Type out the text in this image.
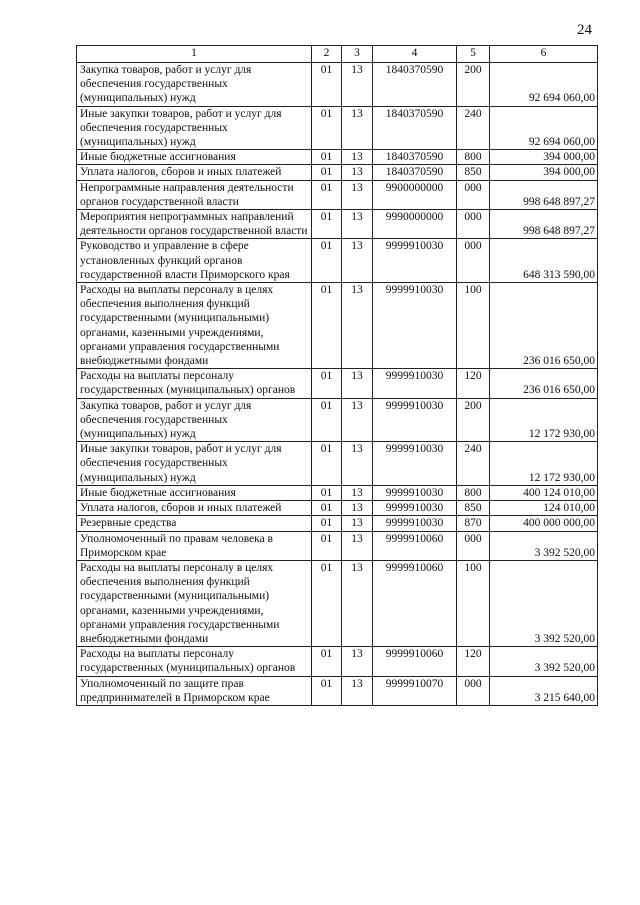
24
1	2	3	4	5	6
Закупка товаров, работ и услуг для обеспечения государственных (муниципальных) нужд	01	13	1840370590	200	92 694 060,00
Иные закупки товаров, работ и услуг для обеспечения государственных (муниципальных) нужд	01	13	1840370590	240	92 694 060,00
Иные бюджетные ассигнования	01	13	1840370590	800	394 000,00
Уплата налогов, сборов и иных платежей	01	13	1840370590	850	394 000,00
Непрограммные направления деятельности органов государственной власти	01	13	9900000000	000	998 648 897,27
Мероприятия непрограммных направлений деятельности органов государственной власти	01	13	9990000000	000	998 648 897,27
Руководство и управление в сфере установленных функций органов государственной власти Приморского края	01	13	9999910030	000	648 313 590,00
Расходы на выплаты персоналу в целях обеспечения выполнения функций государственными (муниципальными) органами, казенными учреждениями, органами управления государственными внебюджетными фондами	01	13	9999910030	100	236 016 650,00
Расходы на выплаты персоналу государственных (муниципальных) органов	01	13	9999910030	120	236 016 650,00
Закупка товаров, работ и услуг для обеспечения государственных (муниципальных) нужд	01	13	9999910030	200	12 172 930,00
Иные закупки товаров, работ и услуг для обеспечения государственных (муниципальных) нужд	01	13	9999910030	240	12 172 930,00
Иные бюджетные ассигнования	01	13	9999910030	800	400 124 010,00
Уплата налогов, сборов и иных платежей	01	13	9999910030	850	124 010,00
Резервные средства	01	13	9999910030	870	400 000 000,00
Уполномоченный по правам человека в Приморском крае	01	13	9999910060	000	3 392 520,00
Расходы на выплаты персоналу в целях обеспечения выполнения функций государственными (муниципальными) органами, казенными учреждениями, органами управления государственными внебюджетными фондами	01	13	9999910060	100	3 392 520,00
Расходы на выплаты персоналу государственных (муниципальных) органов	01	13	9999910060	120	3 392 520,00
Уполномоченный по защите прав предпринимателей в Приморском крае	01	13	9999910070	000	3 215 640,00
